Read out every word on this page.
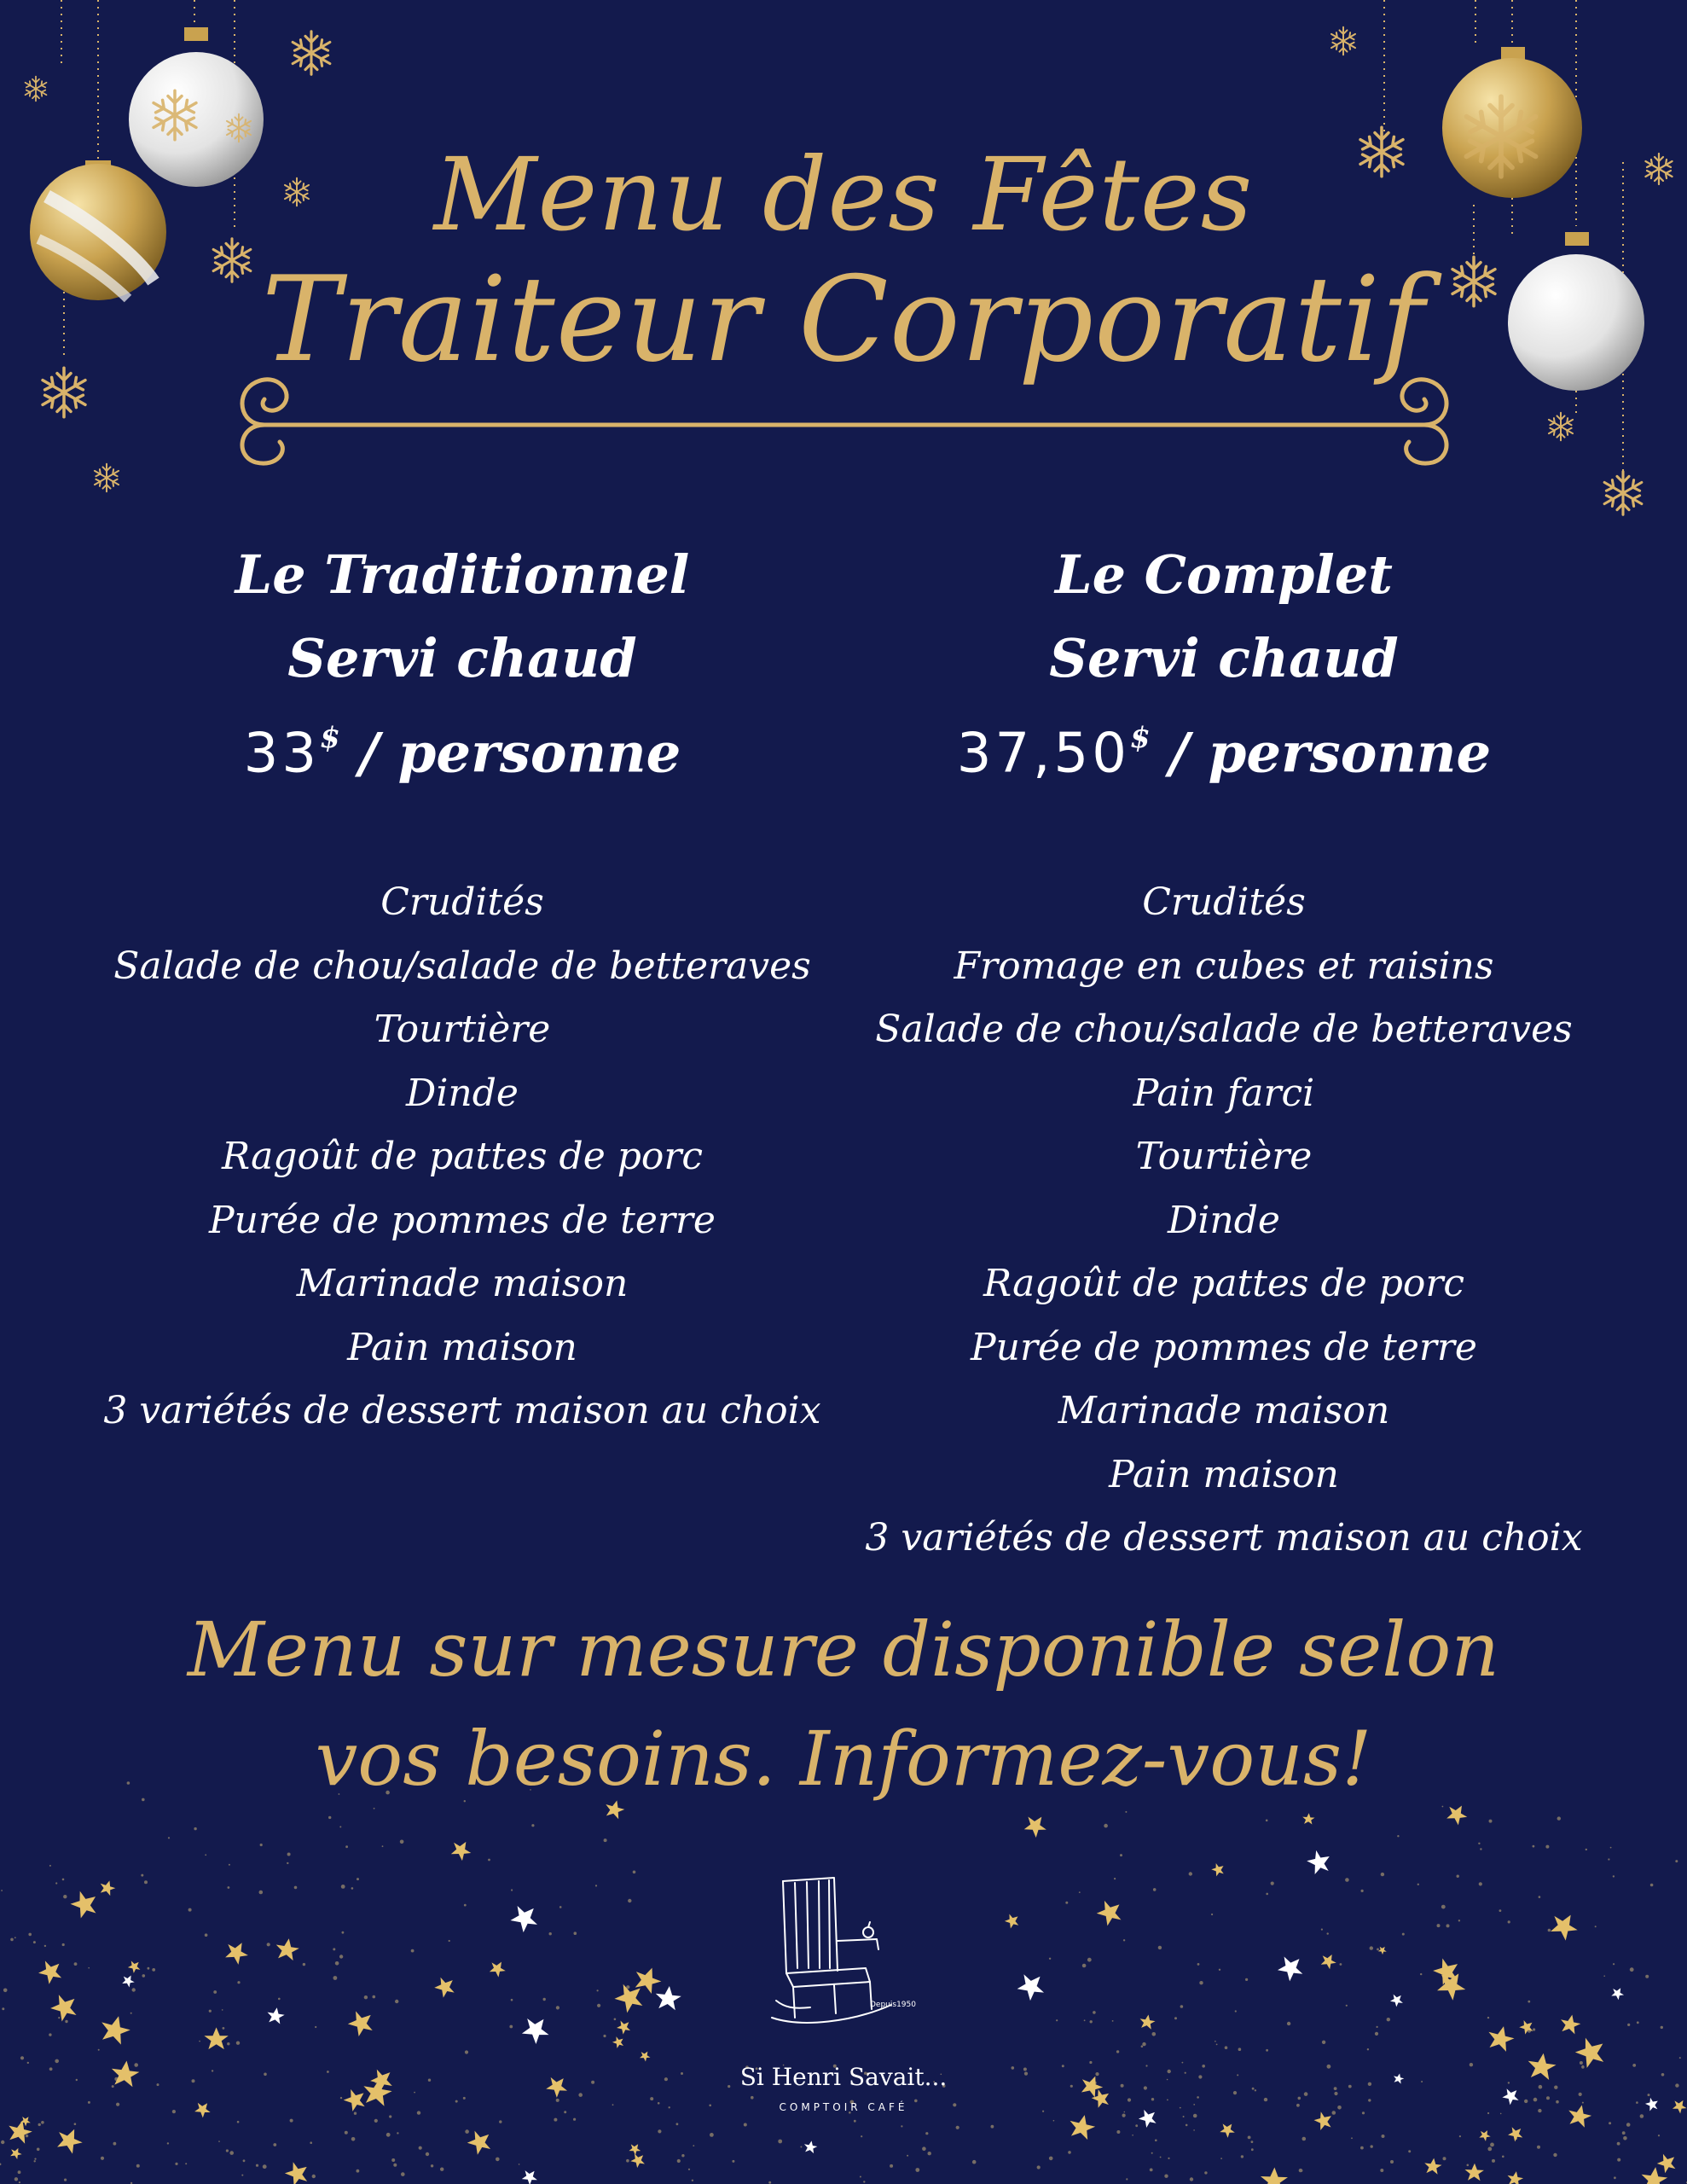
Menu des Fêtes
Traiteur Corporatif
Le Traditionnel
Servi chaud

33$ / personne

Crudités
Salade de chou/salade de betteraves
Tourtière
Dinde
Ragoût de pattes de porc
Purée de pommes de terre
Marinade maison
Pain maison
3 variétés de dessert maison au choix
Le Complet
Servi chaud

37,50$ / personne

Crudités
Fromage en cubes et raisins
Salade de chou/salade de betteraves
Pain farci
Tourtière
Dinde
Ragoût de pattes de porc
Purée de pommes de terre
Marinade maison
Pain maison
3 variétés de dessert maison au choix
Menu sur mesure disponible selon
vos besoins. Informez-vous!

Depuis1950

Si Henri Savait...

COMPTOIR CAFÉ
